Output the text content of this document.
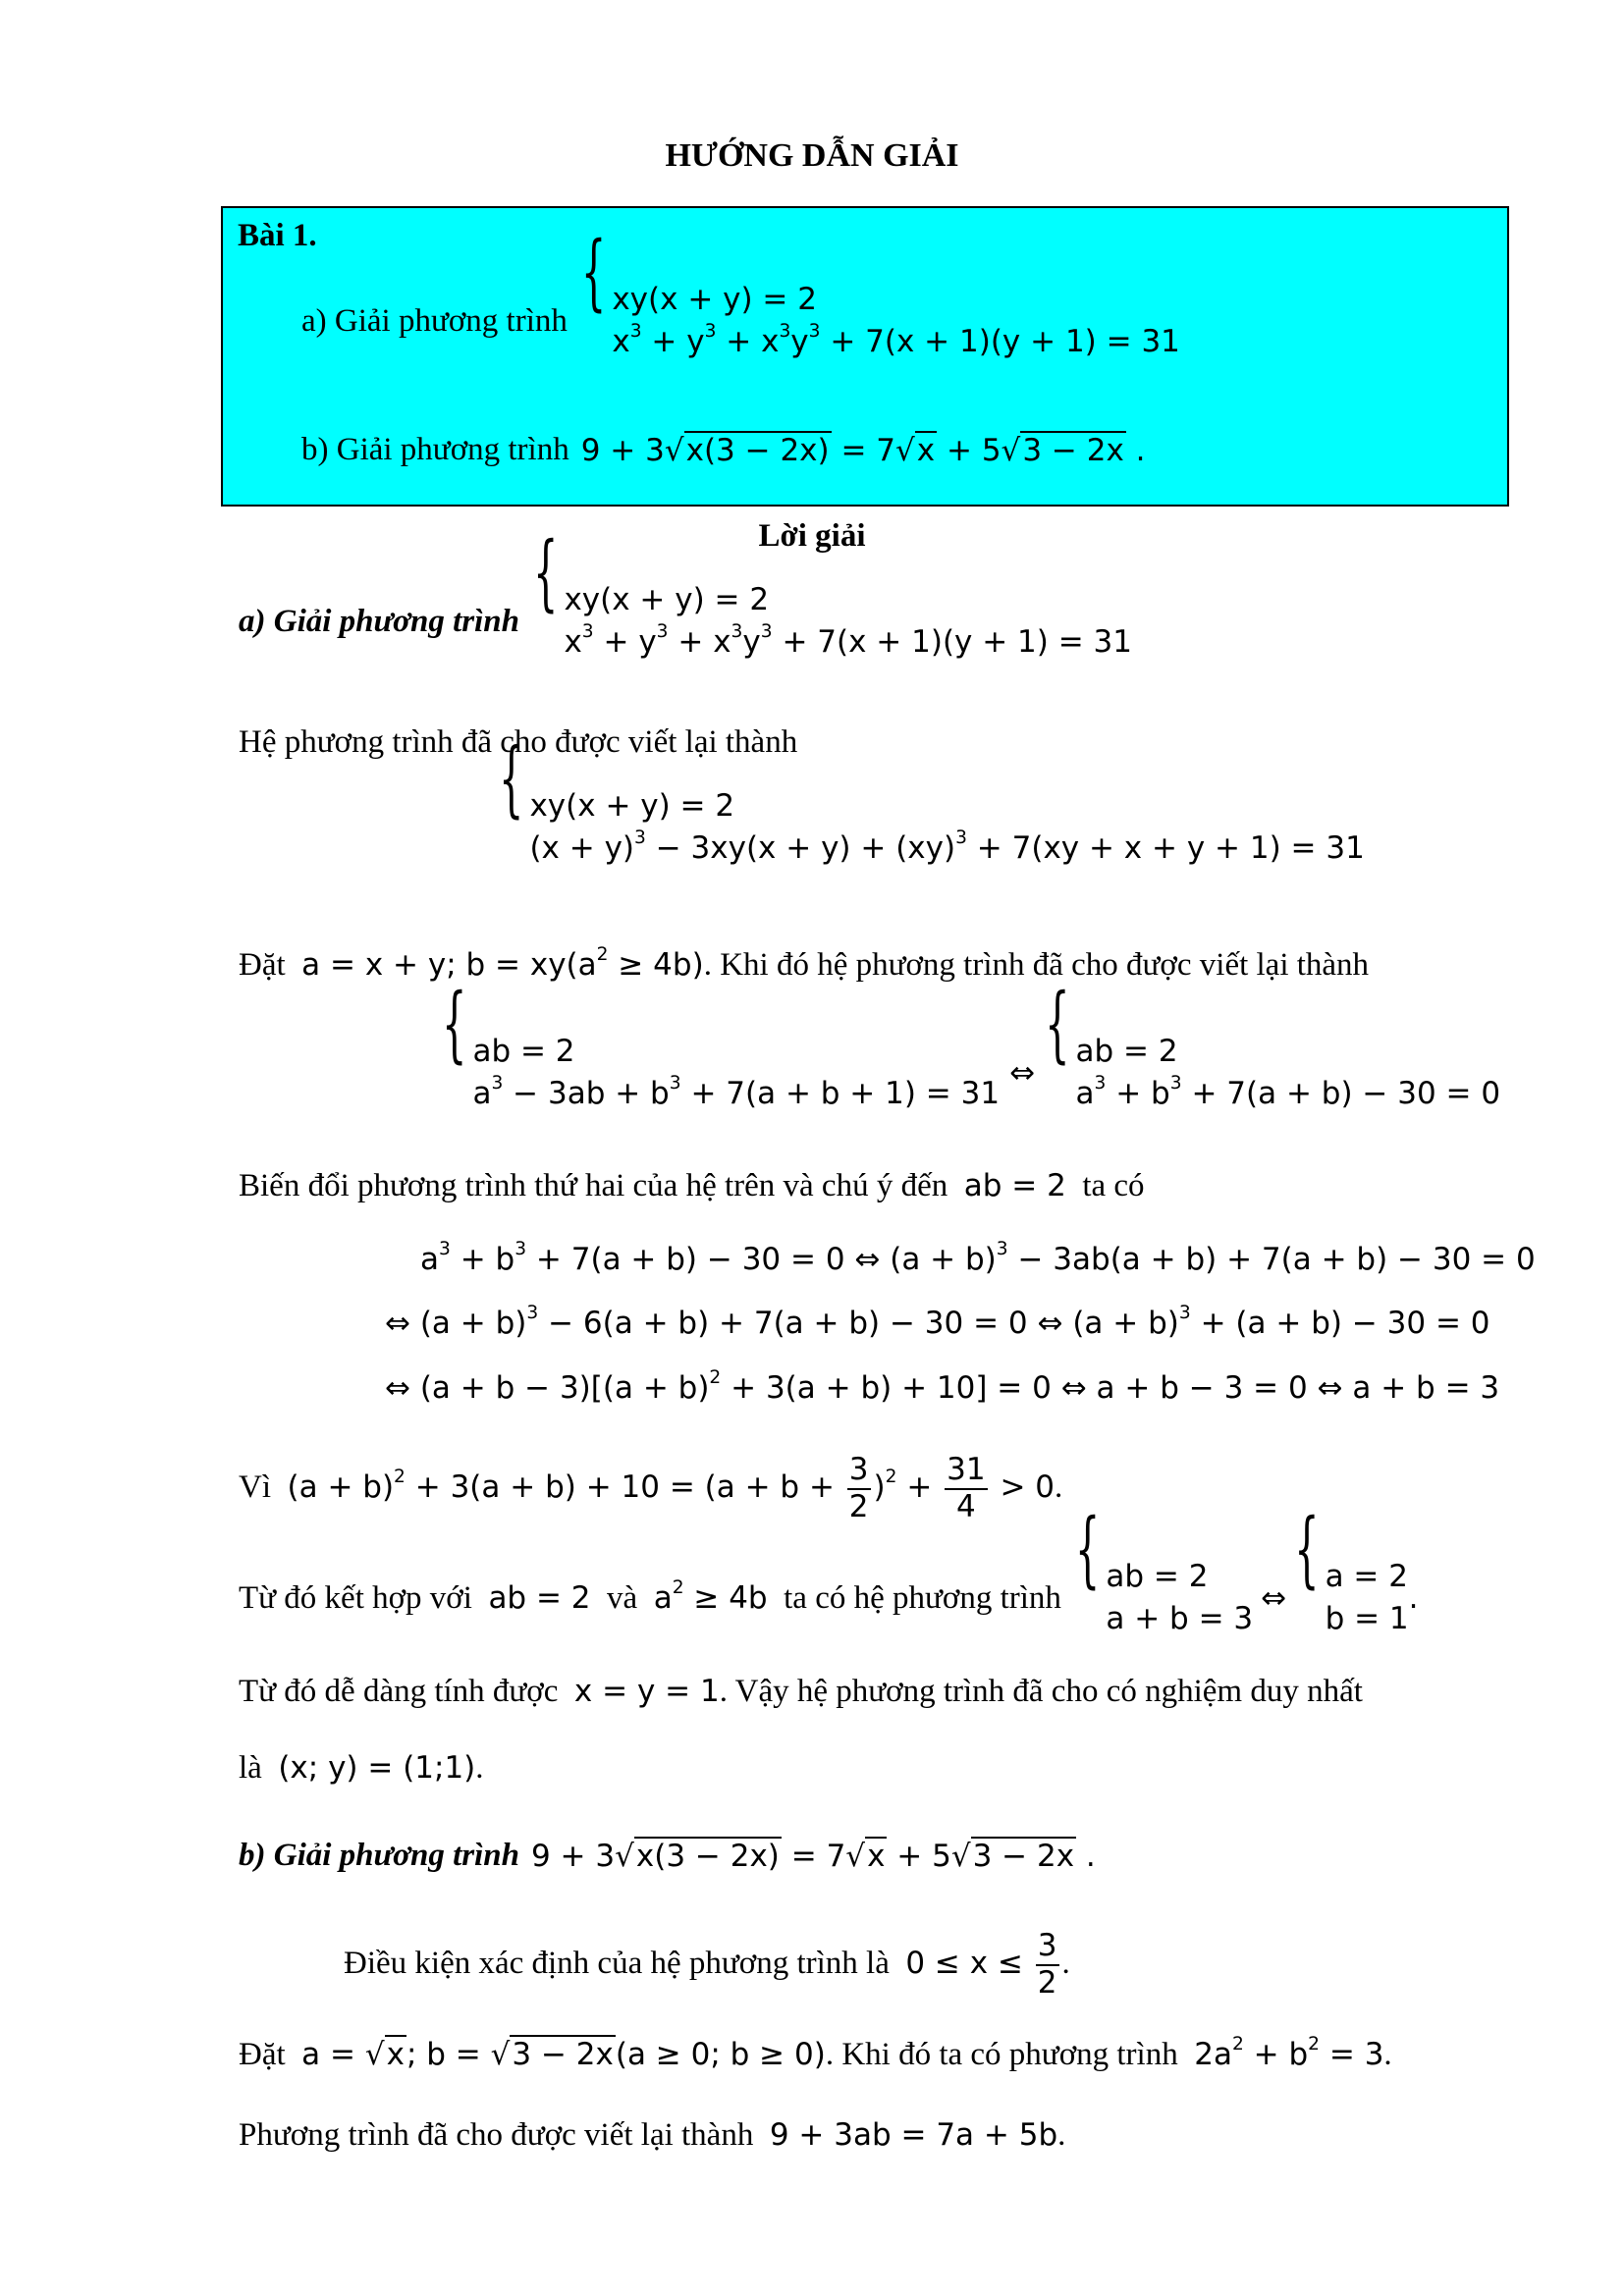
HƯỚNG DẪN GIẢI
Bài 1.
a) Giải phương trình
{ xy(x + y) = 2
$x^3 + y^3 + x^3y^3 + 7(x + 1)(y + 1) = 31$
b) Giải phương trình 9 + 3√x(3 − 2x) = 7√x + 5√3 − 2x .
Lời giải
a) Giải phương trình
{ xy(x + y) = 2
$x^3 + y^3 + x^3y^3 + 7(x + 1)(y + 1) = 31$
Hệ phương trình đã cho được viết lại thành
{ xy(x + y) = 2
$(x + y)^3 - 3xy(x + y) + (xy)^3 + 7(xy + x + y + 1) = 31$
Đặt  a = x + y; $b = xy(a^2 \ge 4b)$. Khi đó hệ phương trình đã cho được viết lại thành
{ ab = 2
$a^3 - 3ab + b^3 + 7(a + b + 1) = 31$
⇔
{ ab = 2
$a^3 + b^3 + 7(a + b) - 30 = 0$
Biến đổi phương trình thứ hai của hệ trên và chú ý đến  ab = 2  ta có
$a^3 + b^3 + 7(a + b) - 30 = 0$ ⇔ $(a + b)^3 - 3ab(a + b) + 7(a + b) - 30 = 0$
⇔ $(a + b)^3 - 6(a + b) + 7(a + b) - 30 = 0$ ⇔ $(a + b)^3 + (a + b) - 30 = 0$
⇔ $(a + b - 3)[(a + b)^2 + 3(a + b) + 10] = 0$ ⇔ a + b − 3 = 0 ⇔ a + b = 3
Vì  $(a + b)^2 + 3(a + b) + 10 = (a + b + \frac{3}{2} )^2 + \frac{31}{4} > 0$.
Từ đó kết hợp với  ab = 2  và  $a^2 \ge 4b$  ta có hệ phương trình
{ ab = 2
a + b = 3
⇔
{ a = 2
b = 1
.
Từ đó dễ dàng tính được  x = y = 1. Vậy hệ phương trình đã cho có nghiệm duy nhất
là  (x; y) = (1;1).
b) Giải phương trình 9 + 3√x(3 − 2x) = 7√x + 5√3 − 2x .
Điều kiện xác định của hệ phương trình là  $0 \le x \le \frac{3}{2}$ .
Đặt  a = √x; b = √3 − 2x(a ≥ 0; b ≥ 0). Khi đó ta có phương trình  $2a^2 + b^2 = 3$.
Phương trình đã cho được viết lại thành  9 + 3ab = 7a + 5b.
